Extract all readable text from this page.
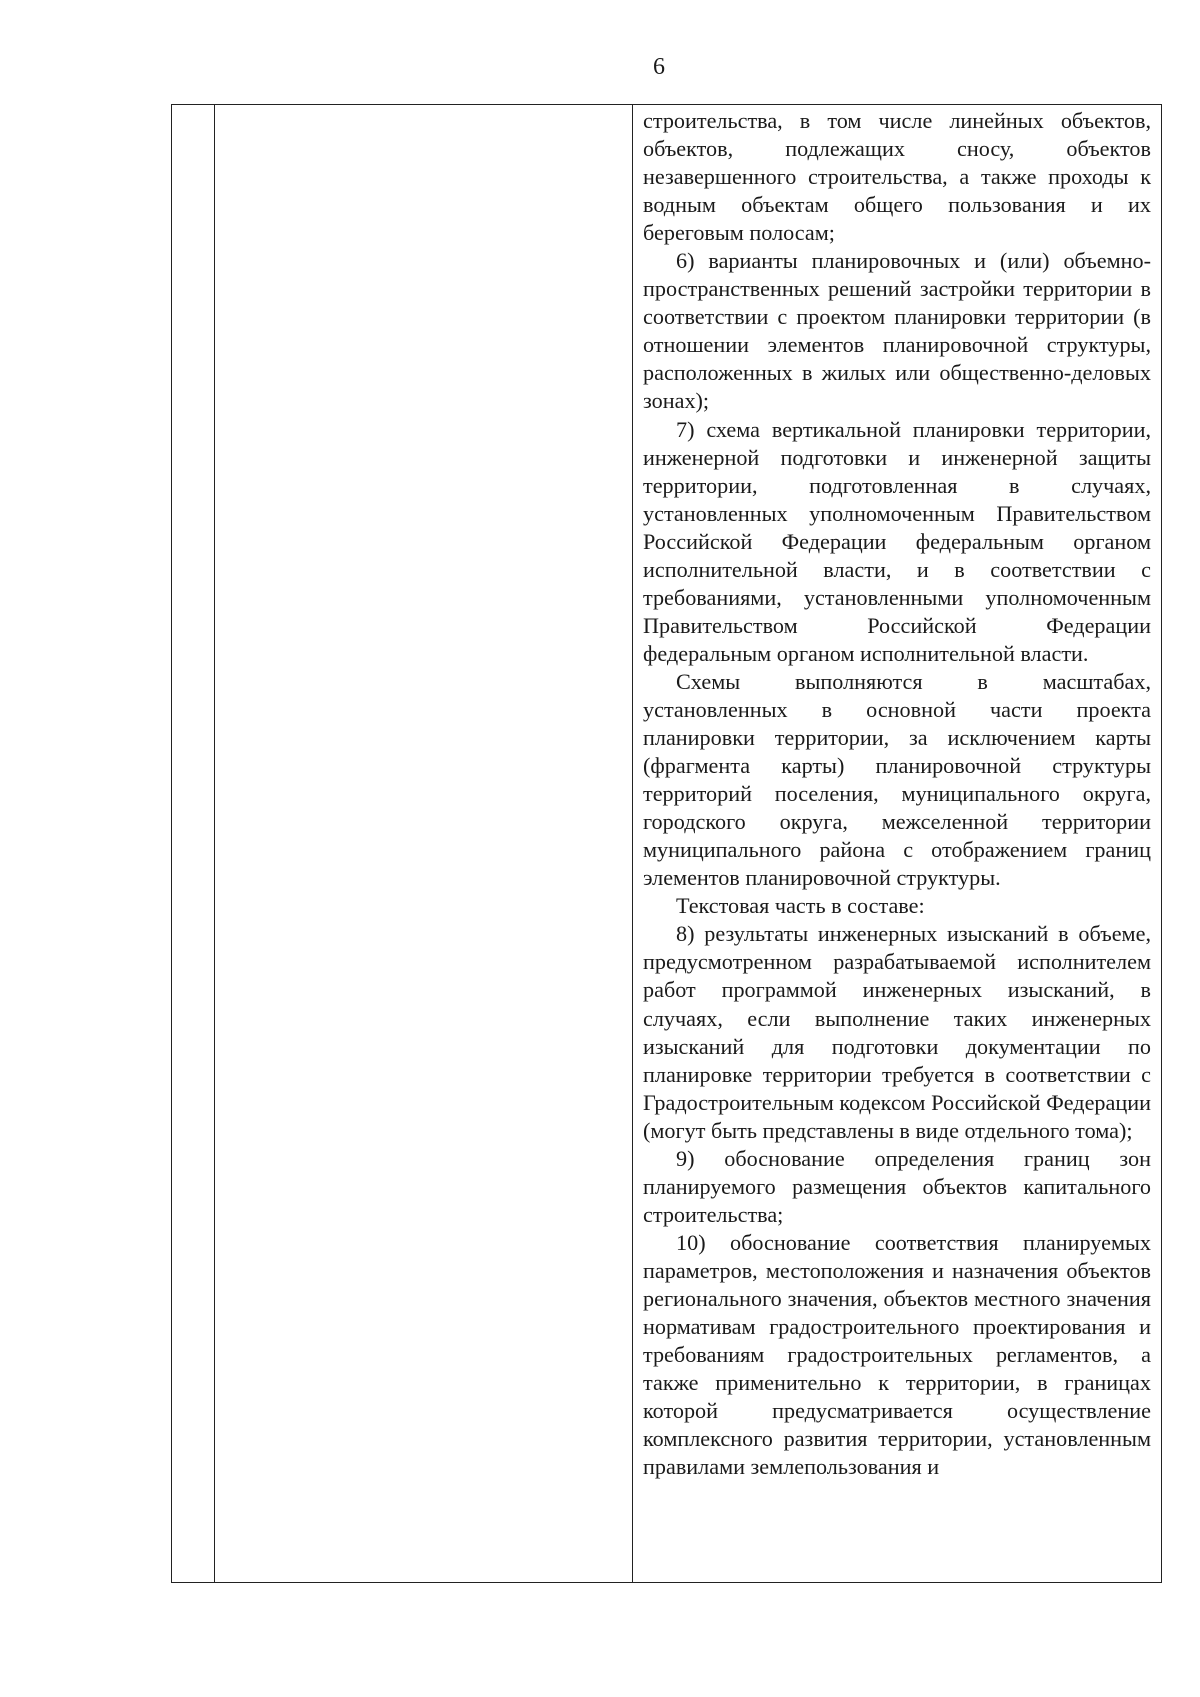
6

строительства, в том числе линейных объектов, объектов, подлежащих сносу, объектов незавершенного строительства, а также проходы к водным объектам общего пользования и их береговым полосам;

6) варианты планировочных и (или) объемно-пространственных решений застройки территории в соответствии с проектом планировки территории (в отношении элементов планировочной структуры, расположенных в жилых или общественно-деловых зонах);

7) схема вертикальной планировки территории, инженерной подготовки и инженерной защиты территории, подготовленная в случаях, установленных уполномоченным Правительством Российской Федерации федеральным органом исполнительной власти, и в соответствии с требованиями, установленными уполномоченным Правительством Российской Федерации федеральным органом исполнительной власти.

Схемы выполняются в масштабах, установленных в основной части проекта планировки территории, за исключением карты (фрагмента карты) планировочной структуры территорий поселения, муниципального округа, городского округа, межселенной территории муниципального района с отображением границ элементов планировочной структуры.

Текстовая часть в составе:

8) результаты инженерных изысканий в объеме, предусмотренном разрабатываемой исполнителем работ программой инженерных изысканий, в случаях, если выполнение таких инженерных изысканий для подготовки документации по планировке территории требуется в соответствии с Градостроительным кодексом Российской Федерации (могут быть представлены в виде отдельного тома);

9) обоснование определения границ зон планируемого размещения объектов капитального строительства;

10) обоснование соответствия планируемых параметров, местоположения и назначения объектов регионального значения, объектов местного значения нормативам градостроительного проектирования и требованиям градостроительных регламентов, а также применительно к территории, в границах которой предусматривается осуществление комплексного развития территории, установленным правилами землепользования и
